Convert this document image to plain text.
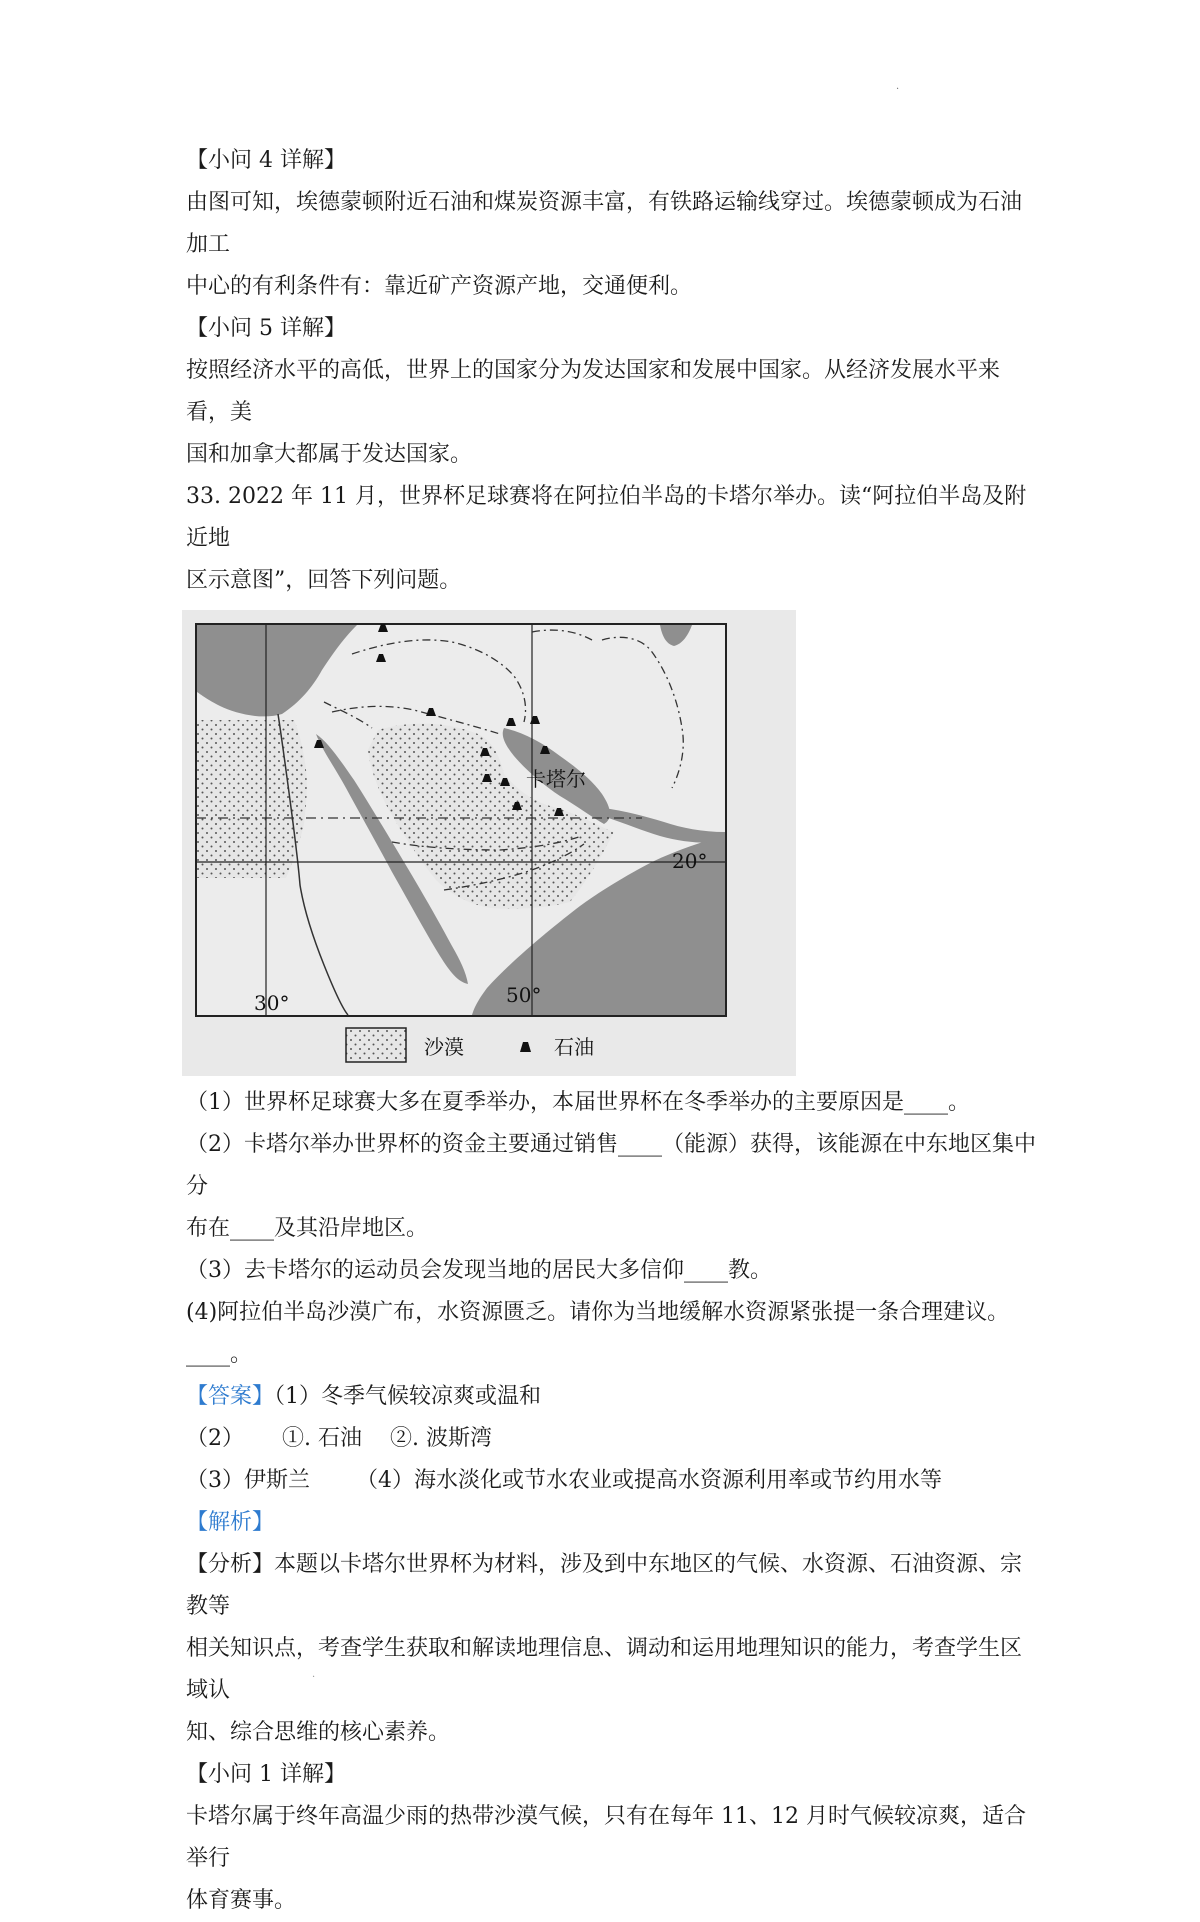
·

【小问 4 详解】

由图可知，埃德蒙顿附近石油和煤炭资源丰富，有铁路运输线穿过。埃德蒙顿成为石油加工

中心的有利条件有：靠近矿产资源产地，交通便利。

【小问 5 详解】

按照经济水平的高低，世界上的国家分为发达国家和发展中国家。从经济发展水平来看，美

国和加拿大都属于发达国家。

33. 2022 年 11 月，世界杯足球赛将在阿拉伯半岛的卡塔尔举办。读“阿拉伯半岛及附近地

区示意图”，回答下列问题。

卡塔尔
20°
30°	50°
沙漠	石油

（1）世界杯足球赛大多在夏季举办，本届世界杯在冬季举办的主要原因是____。

（2）卡塔尔举办世界杯的资金主要通过销售____（能源）获得，该能源在中东地区集中分

布在____及其沿岸地区。

（3）去卡塔尔的运动员会发现当地的居民大多信仰____教。

(4)阿拉伯半岛沙漠广布，水资源匮乏。请你为当地缓解水资源紧张提一条合理建议。____。

【答案】（1）冬季气候较凉爽或温和

（2） ①. 石油 ②. 波斯湾

（3）伊斯兰 （4）海水淡化或节水农业或提高水资源利用率或节约用水等

【解析】

【分析】本题以卡塔尔世界杯为材料，涉及到中东地区的气候、水资源、石油资源、宗教等

相关知识点，考查学生获取和解读地理信息、调动和运用地理知识的能力，考查学生区域认

知、综合思维的核心素养。

【小问 1 详解】

卡塔尔属于终年高温少雨的热带沙漠气候，只有在每年 11、12 月时气候较凉爽，适合举行

体育赛事。

·
